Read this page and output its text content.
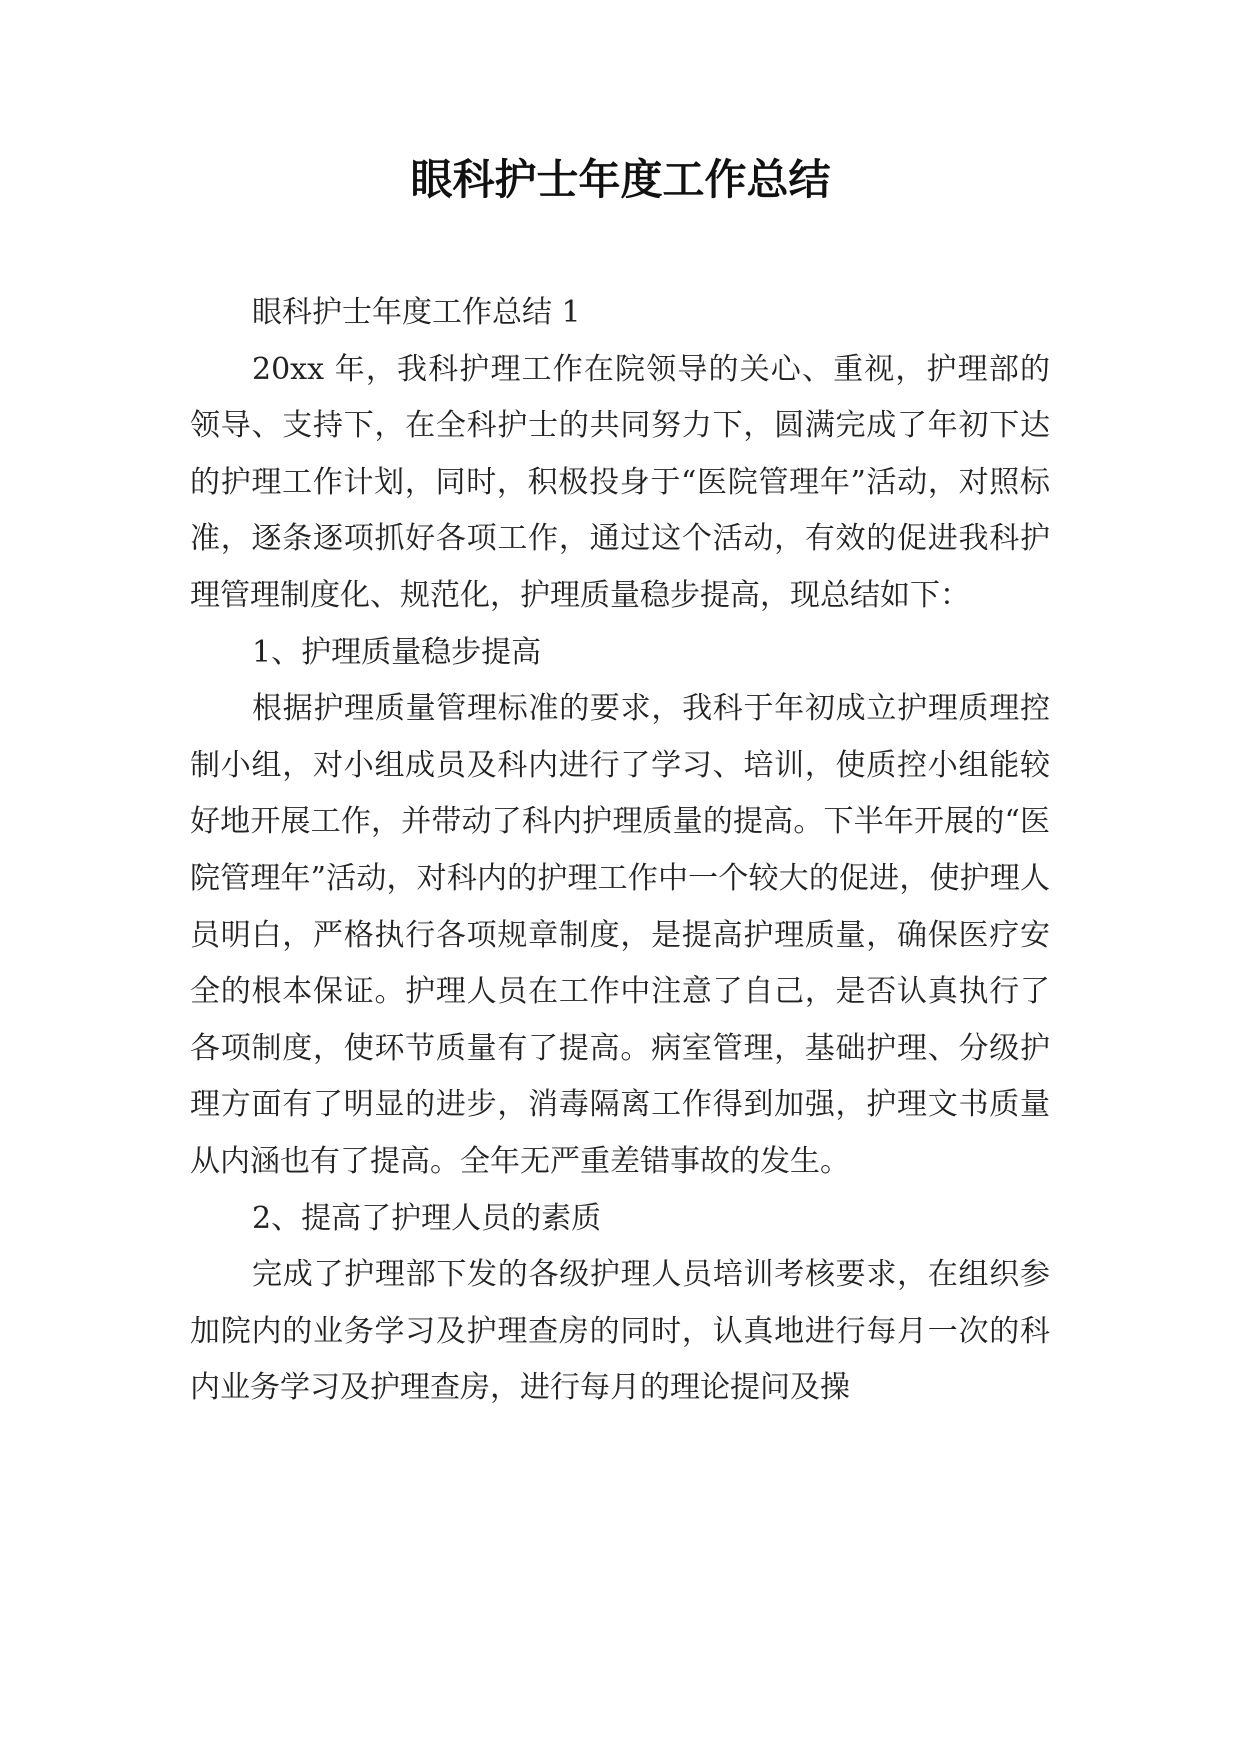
眼科护士年度工作总结

眼科护士年度工作总结 1

20xx 年，我科护理工作在院领导的关心、重视，护理部的领导、支持下，在全科护士的共同努力下，圆满完成了年初下达的护理工作计划，同时，积极投身于“医院管理年”活动，对照标准，逐条逐项抓好各项工作，通过这个活动，有效的促进我科护理管理制度化、规范化，护理质量稳步提高，现总结如下：

1、护理质量稳步提高

根据护理质量管理标准的要求，我科于年初成立护理质理控制小组，对小组成员及科内进行了学习、培训，使质控小组能较好地开展工作，并带动了科内护理质量的提高。下半年开展的“医院管理年”活动，对科内的护理工作中一个较大的促进，使护理人员明白，严格执行各项规章制度，是提高护理质量，确保医疗安全的根本保证。护理人员在工作中注意了自己，是否认真执行了各项制度，使环节质量有了提高。病室管理，基础护理、分级护理方面有了明显的进步，消毒隔离工作得到加强，护理文书质量从内涵也有了提高。全年无严重差错事故的发生。

2、提高了护理人员的素质

完成了护理部下发的各级护理人员培训考核要求，在组织参加院内的业务学习及护理查房的同时，认真地进行每月一次的科内业务学习及护理查房，进行每月的理论提问及操
